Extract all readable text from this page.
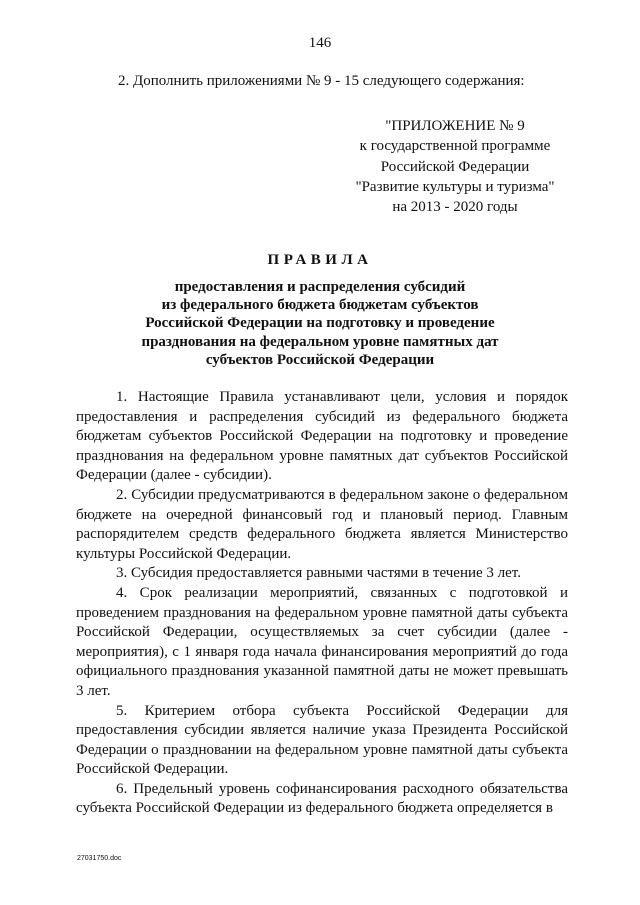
146
2. Дополнить приложениями № 9 - 15 следующего содержания:
"ПРИЛОЖЕНИЕ № 9
к государственной программе
Российской Федерации
"Развитие культуры и туризма"
на 2013 - 2020 годы
ПРАВИЛА
предоставления и распределения субсидий
из федерального бюджета бюджетам субъектов
Российской Федерации на подготовку и проведение
празднования на федеральном уровне памятных дат
субъектов Российской Федерации

1. Настоящие Правила устанавливают цели, условия и порядок предоставления и распределения субсидий из федерального бюджета бюджетам субъектов Российской Федерации на подготовку и проведение празднования на федеральном уровне памятных дат субъектов Российской Федерации (далее - субсидии).

2. Субсидии предусматриваются в федеральном законе о федеральном бюджете на очередной финансовый год и плановый период. Главным распорядителем средств федерального бюджета является Министерство культуры Российской Федерации.

3. Субсидия предоставляется равными частями в течение 3 лет.

4. Срок реализации мероприятий, связанных с подготовкой и проведением празднования на федеральном уровне памятной даты субъекта Российской Федерации, осуществляемых за счет субсидии (далее - мероприятия), с 1 января года начала финансирования мероприятий до года официального празднования указанной памятной даты не может превышать 3 лет.

5. Критерием отбора субъекта Российской Федерации для предоставления субсидии является наличие указа Президента Российской Федерации о праздновании на федеральном уровне памятной даты субъекта Российской Федерации.

6. Предельный уровень софинансирования расходного обязательства субъекта Российской Федерации из федерального бюджета определяется в

27031750.doc
